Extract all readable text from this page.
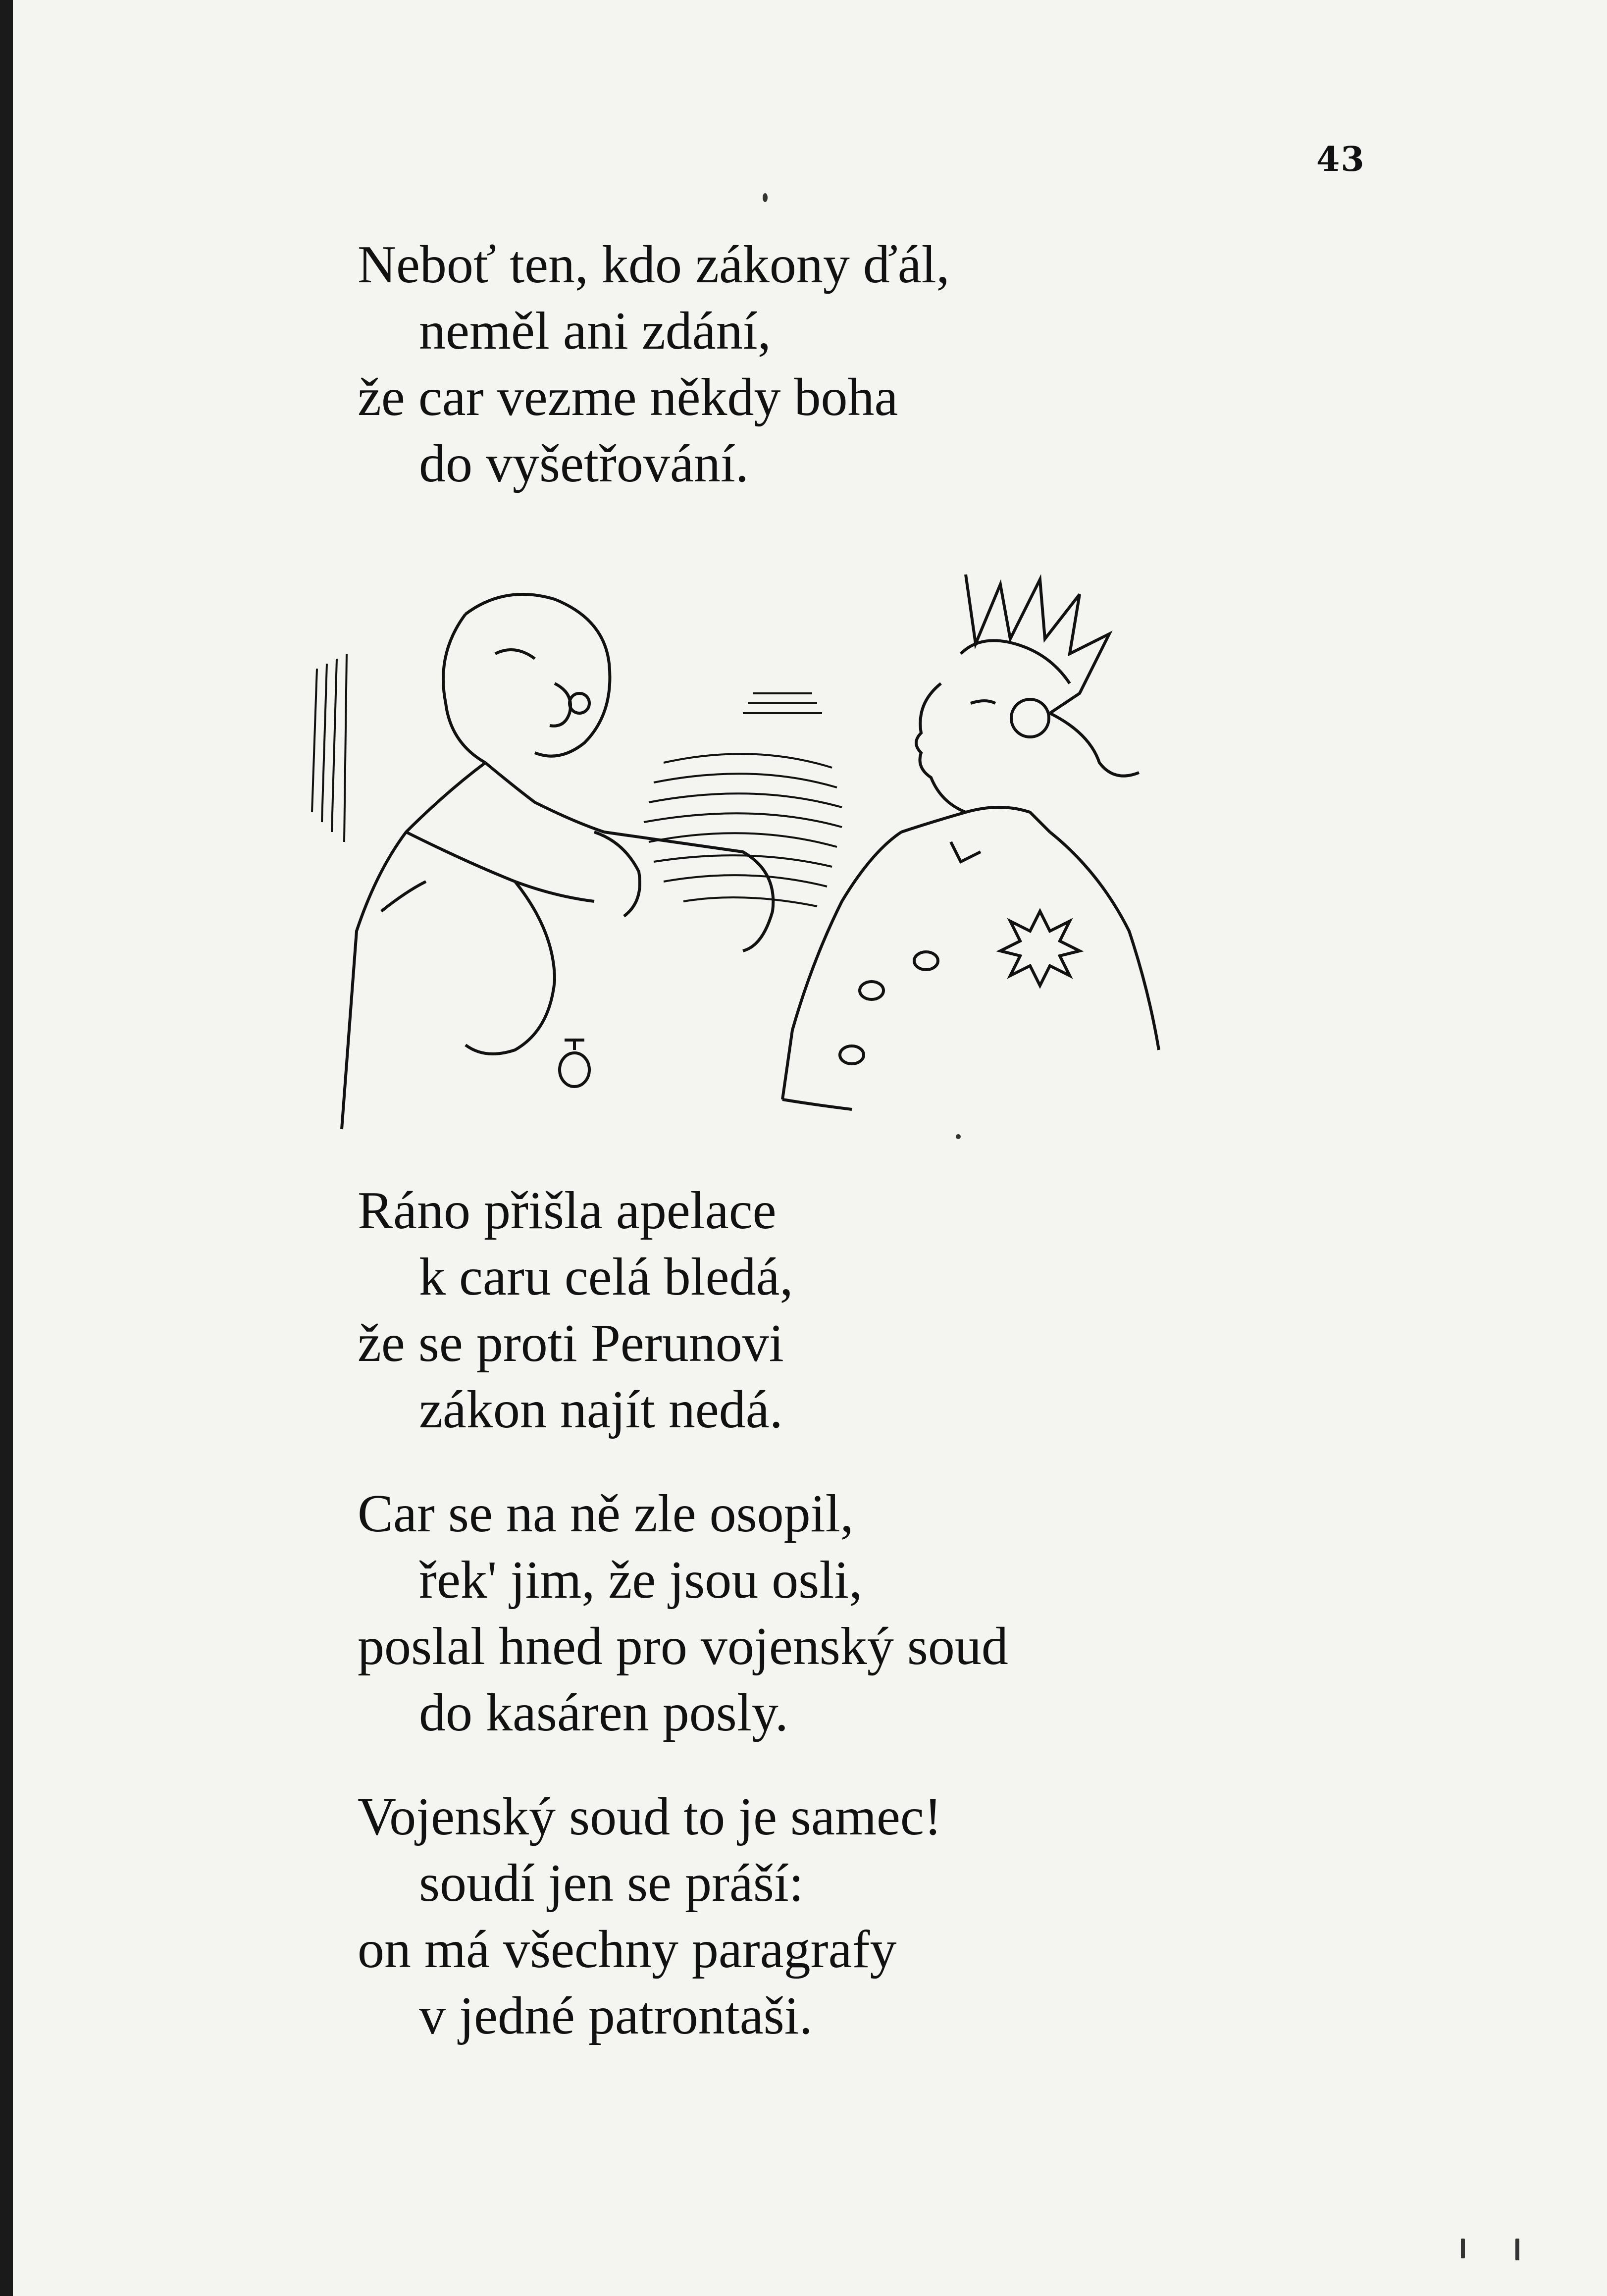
43
Neboť ten, kdo zákony ďál,
neměl ani zdání,
že car vezme někdy boha
do vyšetřování.
Ráno přišla apelace
k caru celá bledá,
že se proti Perunovi
zákon najít nedá.
Car se na ně zle osopil,
řek' jim, že jsou osli,
poslal hned pro vojenský soud
do kasáren posly.
Vojenský soud to je samec!
soudí jen se práší:
on má všechny paragrafy
v jedné patrontaši.
